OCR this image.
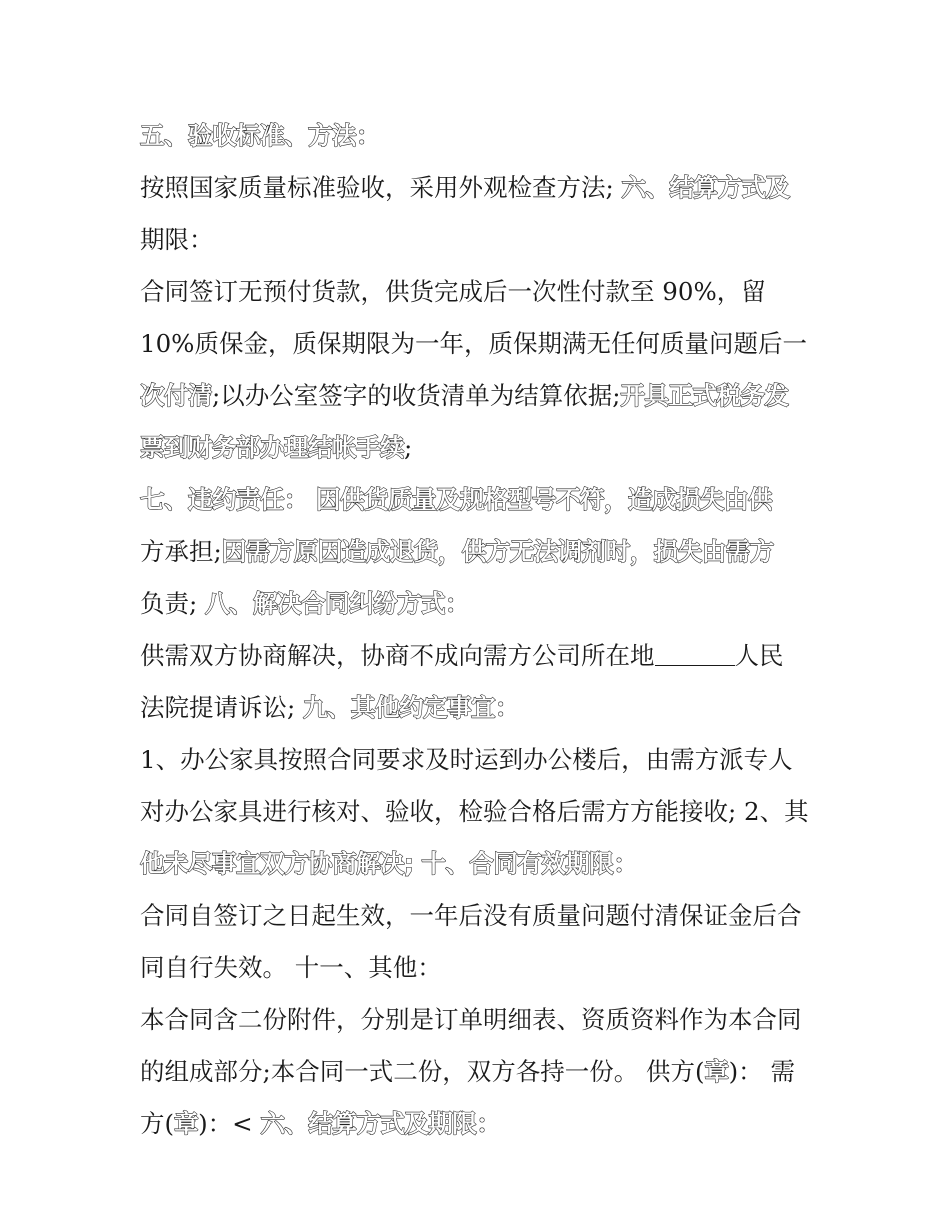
五、验收标准、方法：
按照国家质量标准验收，采用外观检查方法; 六、结算方式及
期限：
合同签订无预付货款，供货完成后一次性付款至 90%，留
10%质保金，质保期限为一年，质保期满无任何质量问题后一
次付清;以办公室签字的收货清单为结算依据;开具正式税务发
票到财务部办理结帐手续;
七、违约责任： 因供货质量及规格型号不符，造成损失由供
方承担;因需方原因造成退货，供方无法调剂时，损失由需方
负责; 八、解决合同纠纷方式：
供需双方协商解决，协商不成向需方公司所在地	人民
法院提请诉讼; 九、其他约定事宜：
1、办公家具按照合同要求及时运到办公楼后，由需方派专人
对办公家具进行核对、验收，检验合格后需方方能接收; 2、其
他未尽事宜双方协商解决; 十、合同有效期限：
合同自签订之日起生效，一年后没有质量问题付清保证金后合
同自行失效。 十一、其他：
本合同含二份附件，分别是订单明细表、资质资料作为本合同
的组成部分;本合同一式二份，双方各持一份。 供方(章)： 需
方(章)：< 六、结算方式及期限：
